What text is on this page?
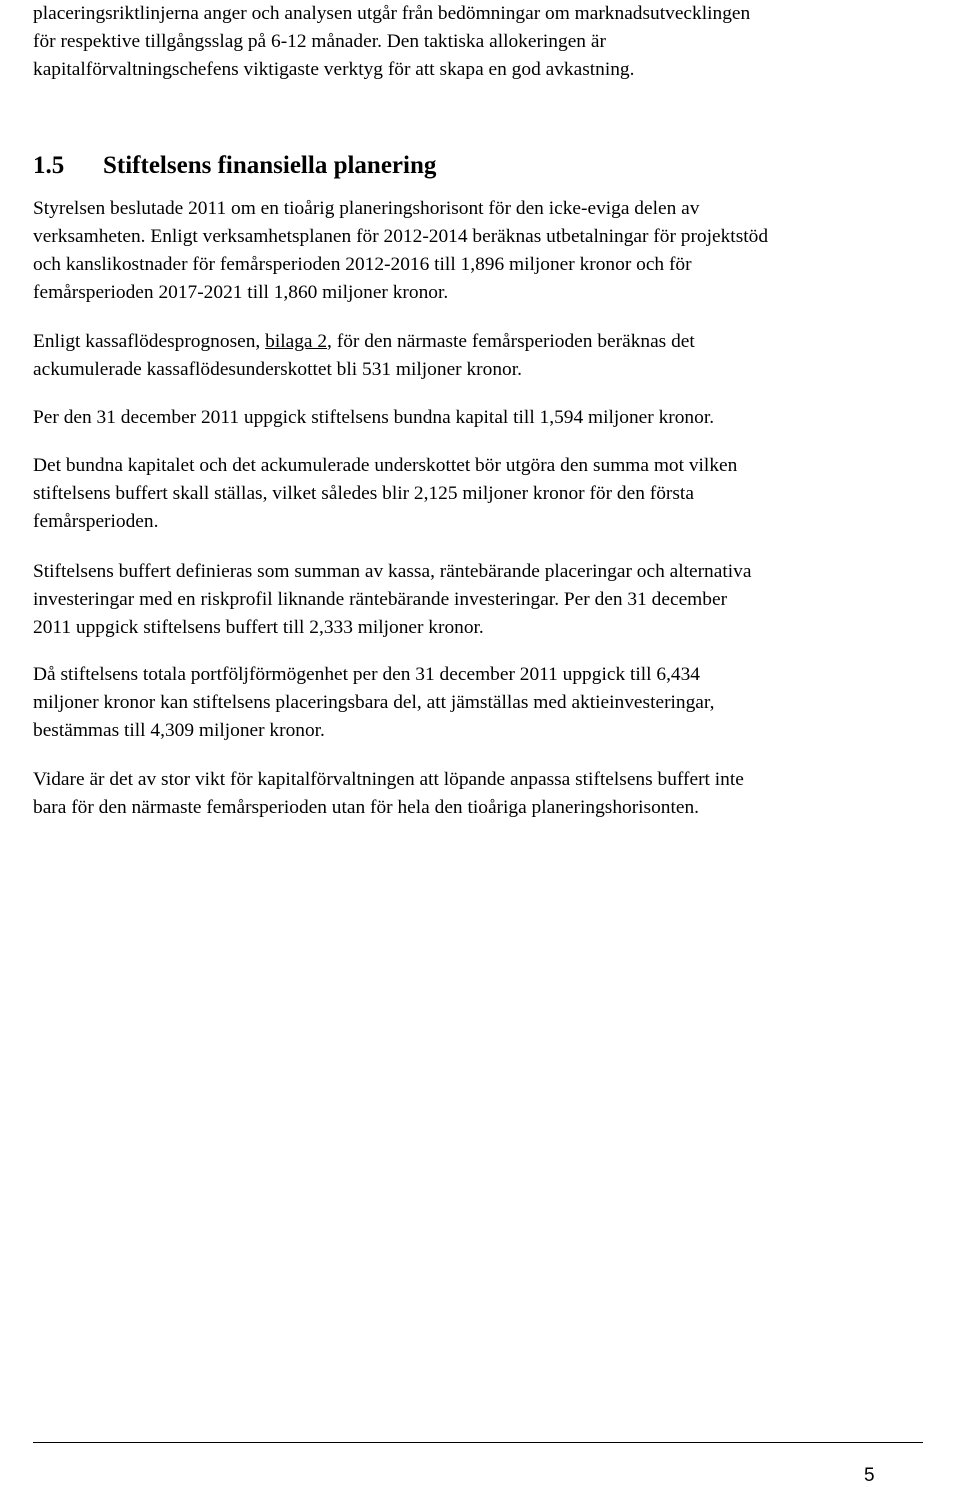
placeringsriktlinjerna anger och analysen utgår från bedömningar om marknadsutvecklingen
för respektive tillgångsslag på 6-12 månader. Den taktiska allokeringen är
kapitalförvaltningschefens viktigaste verktyg för att skapa en god avkastning.

1.5 Stiftelsens finansiella planering

Styrelsen beslutade 2011 om en tioårig planeringshorisont för den icke-eviga delen av
verksamheten. Enligt verksamhetsplanen för 2012-2014 beräknas utbetalningar för projektstöd
och kanslikostnader för femårsperioden 2012-2016 till 1,896 miljoner kronor och för
femårsperioden 2017-2021 till 1,860 miljoner kronor.

Enligt kassaflödesprognosen, bilaga 2, för den närmaste femårsperioden beräknas det
ackumulerade kassaflödesunderskottet bli 531 miljoner kronor.

Per den 31 december 2011 uppgick stiftelsens bundna kapital till 1,594 miljoner kronor.

Det bundna kapitalet och det ackumulerade underskottet bör utgöra den summa mot vilken
stiftelsens buffert skall ställas, vilket således blir 2,125 miljoner kronor för den första
femårsperioden.

Stiftelsens buffert definieras som summan av kassa, räntebärande placeringar och alternativa
investeringar med en riskprofil liknande räntebärande investeringar. Per den 31 december
2011 uppgick stiftelsens buffert till 2,333 miljoner kronor.

Då stiftelsens totala portföljförmögenhet per den 31 december 2011 uppgick till 6,434
miljoner kronor kan stiftelsens placeringsbara del, att jämställas med aktieinvesteringar,
bestämmas till 4,309 miljoner kronor.

Vidare är det av stor vikt för kapitalförvaltningen att löpande anpassa stiftelsens buffert inte
bara för den närmaste femårsperioden utan för hela den tioåriga planeringshorisonten.

5
